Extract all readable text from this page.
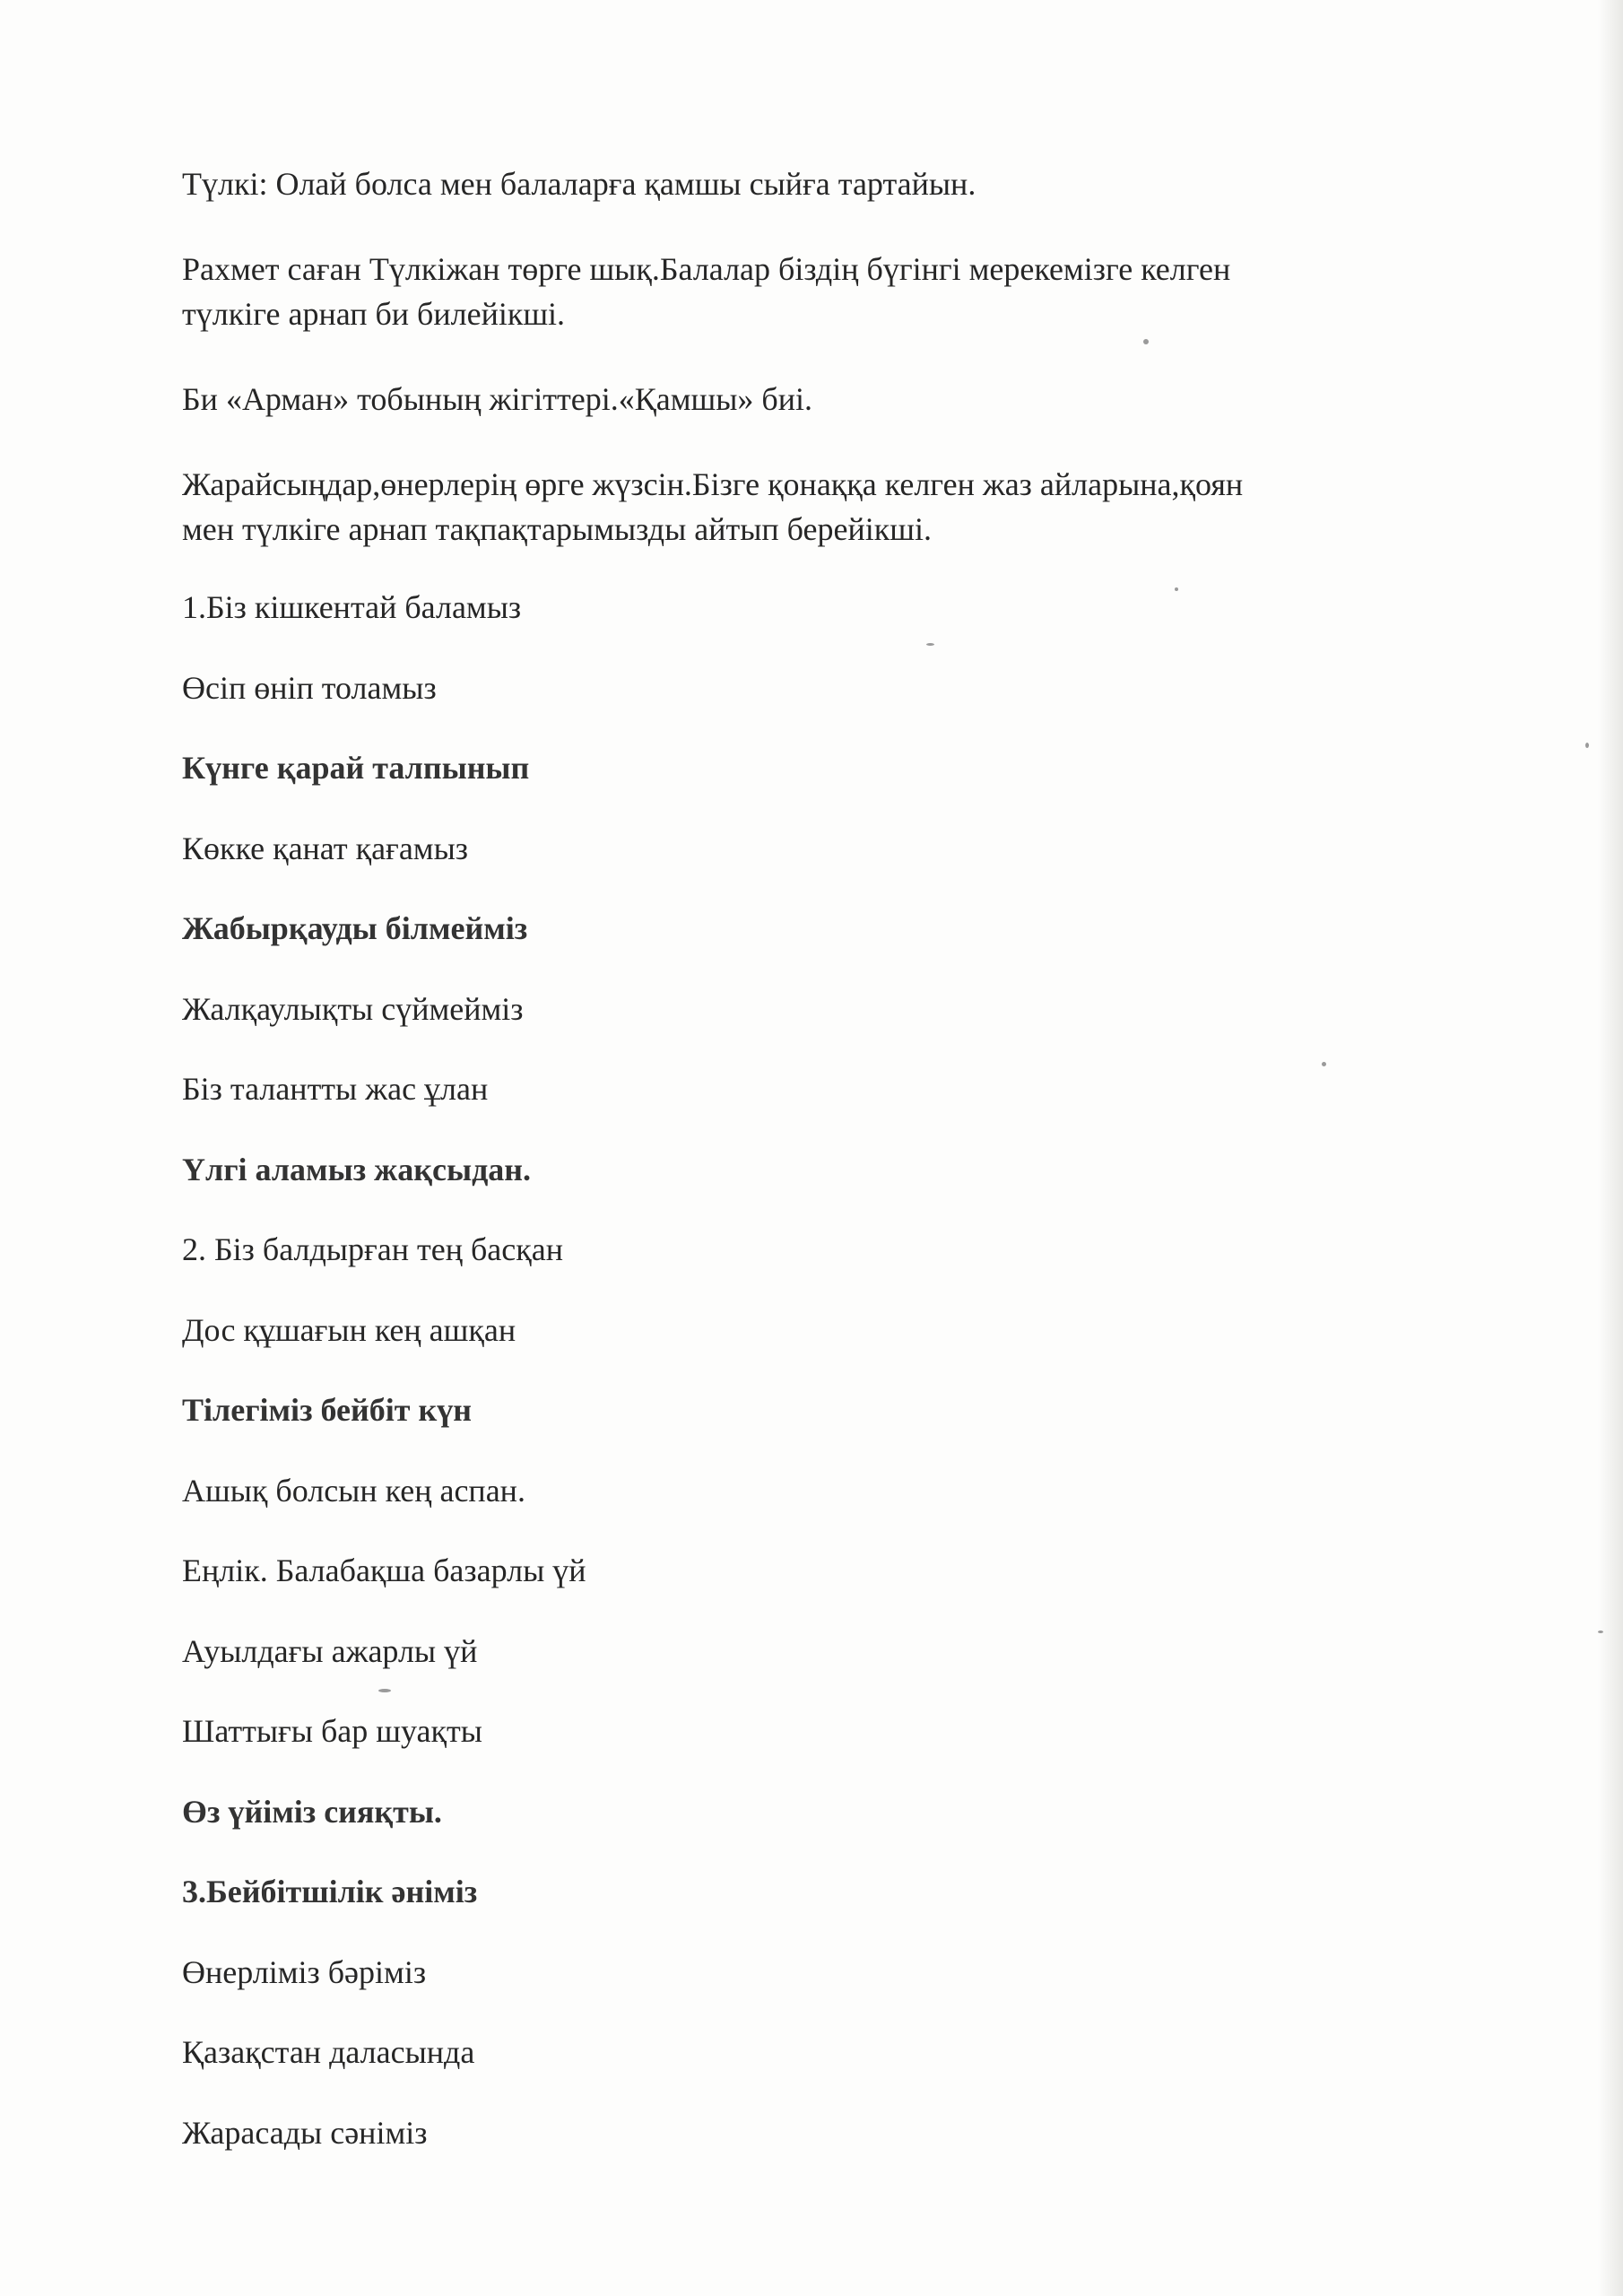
Түлкі: Олай болса мен балаларға қамшы сыйға тартайын.

Рахмет саған Түлкіжан төрге шық.Балалар біздің бүгінгі мерекемізге келген
түлкіге арнап би билейікші.

Би «Арман» тобының жігіттері.«Қамшы» биі.

Жарайсыңдар,өнерлерің өрге жүзсін.Бізге қонаққа келген жаз айларына,қоян
мен түлкіге арнап тақпақтарымызды айтып берейікші.

1.Біз кішкентай баламыз

Өсіп өніп толамыз

Күнге қарай талпынып

Көкке қанат қағамыз

Жабырқауды білмейміз

Жалқаулықты сүймейміз

Біз талантты жас ұлан

Үлгі аламыз жақсыдан.

2. Біз балдырған тең басқан

Дос құшағын кең ашқан

Тілегіміз бейбіт күн

Ашық болсын кең аспан.

Еңлік. Балабақша базарлы үй

Ауылдағы ажарлы үй

Шаттығы бар шуақты

Өз үйіміз сияқты.

3.Бейбітшілік әніміз

Өнерліміз бәріміз

Қазақстан даласында

Жарасады сәніміз
